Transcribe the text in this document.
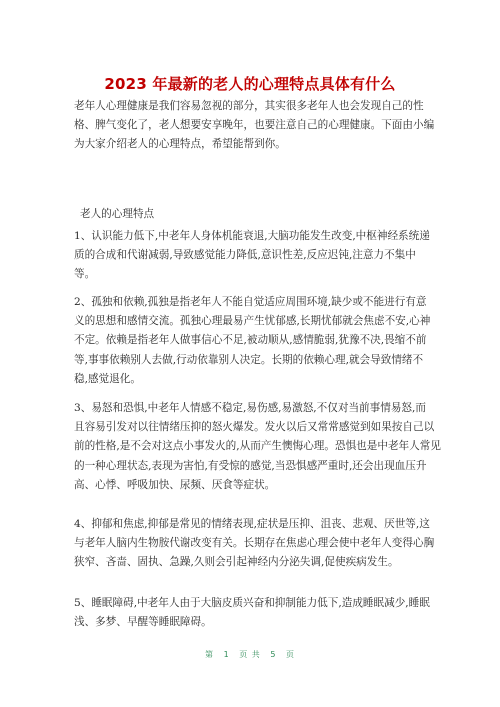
2023 年最新的老人的心理特点具体有什么
老年人心理健康是我们容易忽视的部分，其实很多老年人也会发现自己的性
格、脾气变化了，老人想要安享晚年，也要注意自己的心理健康。下面由小编
为大家介绍老人的心理特点，希望能帮到你。
老人的心理特点
1、认识能力低下,中老年人身体机能衰退,大脑功能发生改变,中枢神经系统递
质的合成和代谢减弱,导致感觉能力降低,意识性差,反应迟钝,注意力不集中
等。
2、孤独和依赖,孤独是指老年人不能自觉适应周围环境,缺少或不能进行有意
义的思想和感情交流。孤独心理最易产生忧郁感,长期忧郁就会焦虑不安,心神
不定。依赖是指老年人做事信心不足,被动顺从,感情脆弱,犹豫不决,畏缩不前
等,事事依赖别人去做,行动依靠别人决定。长期的依赖心理,就会导致情绪不
稳,感觉退化。
3、易怒和恐惧,中老年人情感不稳定,易伤感,易激怒,不仅对当前事情易怒,而
且容易引发对以往情绪压抑的怒火爆发。发火以后又常常感觉到如果按自己以
前的性格,是不会对这点小事发火的,从而产生懊悔心理。恐惧也是中老年人常见
的一种心理状态,表现为害怕,有受惊的感觉,当恐惧感严重时,还会出现血压升
高、心悸、呼吸加快、尿频、厌食等症状。
4、抑郁和焦虑,抑郁是常见的情绪表现,症状是压抑、沮丧、悲观、厌世等,这
与老年人脑内生物胺代谢改变有关。长期存在焦虑心理会使中老年人变得心胸
狭窄、吝啬、固执、急躁,久则会引起神经内分泌失调,促使疾病发生。
5、睡眠障碍,中老年人由于大脑皮质兴奋和抑制能力低下,造成睡眠减少,睡眠
浅、多梦、早醒等睡眠障碍。
第 1 页 共 5 页
